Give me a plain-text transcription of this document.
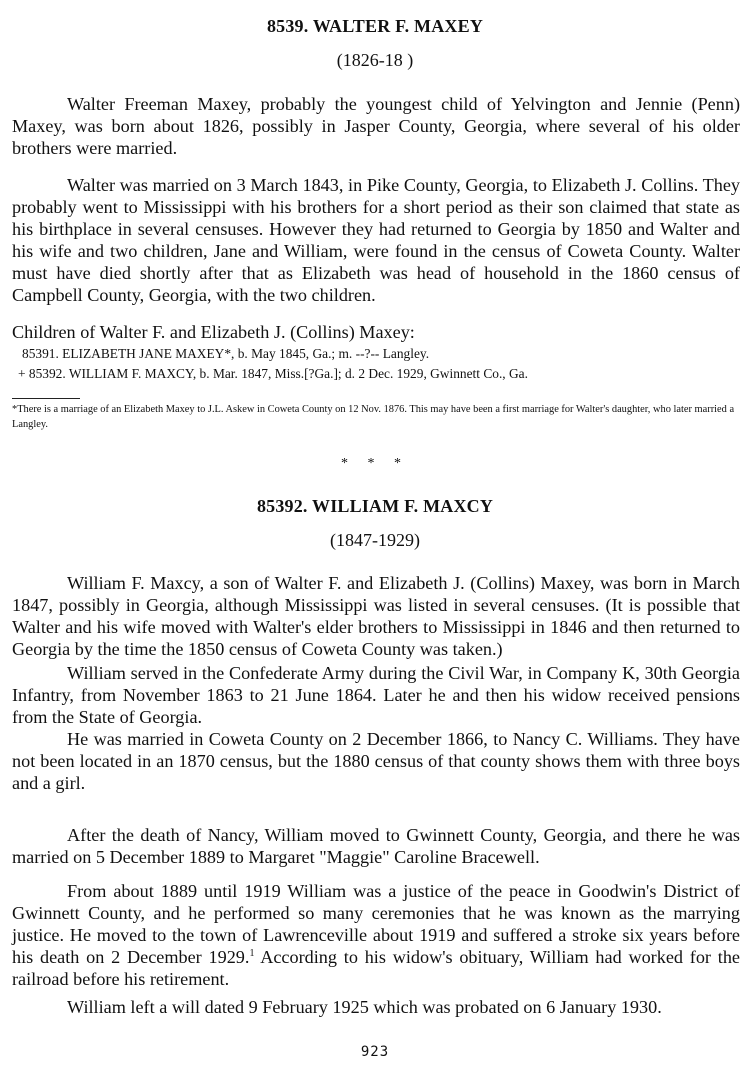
8539. WALTER F. MAXEY
(1826-18 )

Walter Freeman Maxey, probably the youngest child of Yelvington and Jennie (Penn) Maxey, was born about 1826, possibly in Jasper County, Georgia, where several of his older brothers were married.

Walter was married on 3 March 1843, in Pike County, Georgia, to Elizabeth J. Collins. They probably went to Mississippi with his brothers for a short period as their son claimed that state as his birthplace in several censuses. However they had returned to Georgia by 1850 and Walter and his wife and two children, Jane and William, were found in the census of Coweta County. Walter must have died shortly after that as Elizabeth was head of household in the 1860 census of Campbell County, Georgia, with the two children.

Children of Walter F. and Elizabeth J. (Collins) Maxey:

85391. ELIZABETH JANE MAXEY*, b. May 1845, Ga.; m. --?-- Langley.

+ 85392. WILLIAM F. MAXCY, b. Mar. 1847, Miss.[?Ga.]; d. 2 Dec. 1929, Gwinnett Co., Ga.

*There is a marriage of an Elizabeth Maxey to J.L. Askew in Coweta County on 12 Nov. 1876. This may have been a first marriage for Walter's daughter, who later married a Langley.

* * *
85392. WILLIAM F. MAXCY
(1847-1929)

William F. Maxcy, a son of Walter F. and Elizabeth J. (Collins) Maxey, was born in March 1847, possibly in Georgia, although Mississippi was listed in several censuses. (It is possible that Walter and his wife moved with Walter's elder brothers to Mississippi in 1846 and then returned to Georgia by the time the 1850 census of Coweta County was taken.)

William served in the Confederate Army during the Civil War, in Company K, 30th Georgia Infantry, from November 1863 to 21 June 1864. Later he and then his widow received pensions from the State of Georgia.

He was married in Coweta County on 2 December 1866, to Nancy C. Williams. They have not been located in an 1870 census, but the 1880 census of that county shows them with three boys and a girl.

After the death of Nancy, William moved to Gwinnett County, Georgia, and there he was married on 5 December 1889 to Margaret "Maggie" Caroline Bracewell.

From about 1889 until 1919 William was a justice of the peace in Goodwin's District of Gwinnett County, and he performed so many ceremonies that he was known as the marrying justice. He moved to the town of Lawrenceville about 1919 and suffered a stroke six years before his death on 2 December 1929.$^1$ According to his widow's obituary, William had worked for the railroad before his retirement.

William left a will dated 9 February 1925 which was probated on 6 January 1930.

923
